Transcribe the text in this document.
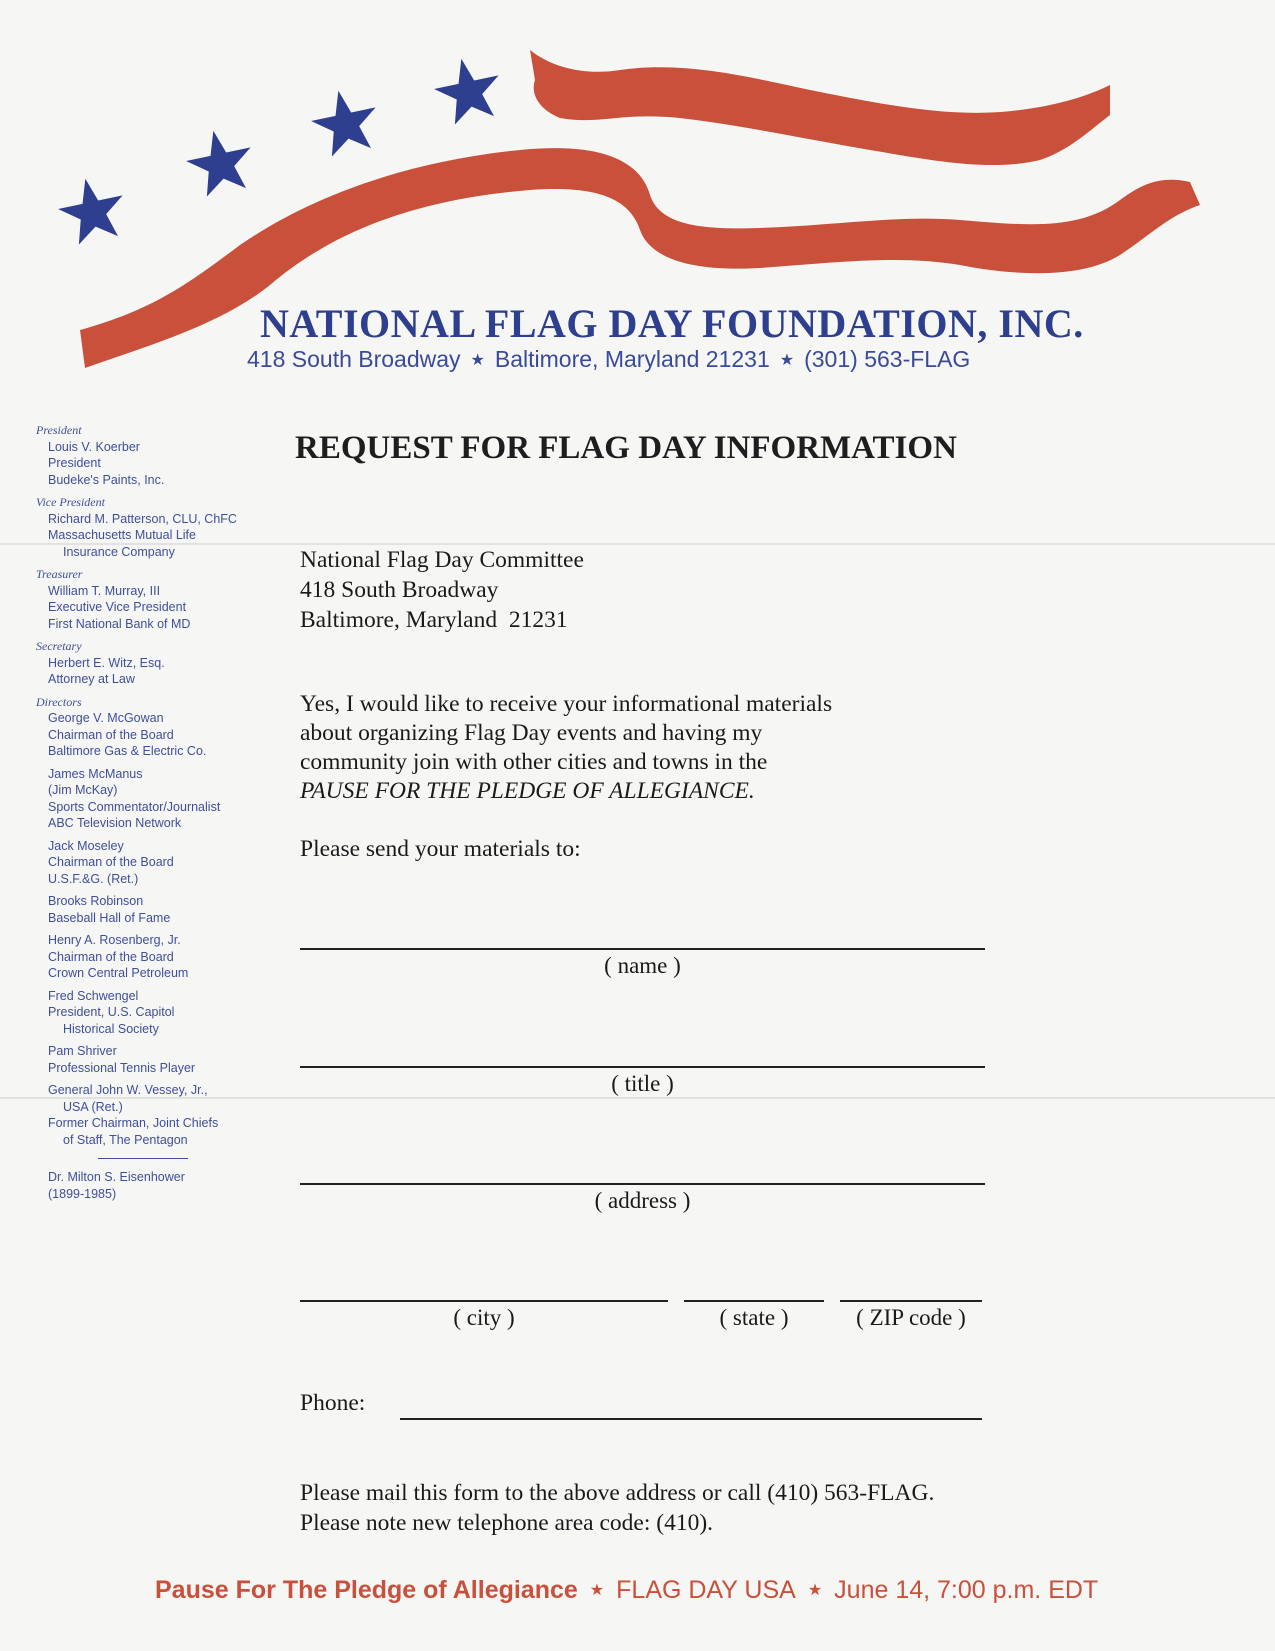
NATIONAL FLAG DAY FOUNDATION, INC.
418 South Broadway ★ Baltimore, Maryland 21231 ★ (301) 563-FLAG
President
Louis V. Koerber
President
Budeke's Paints, Inc.
Vice President
Richard M. Patterson, CLU, ChFC
Massachusetts Mutual Life
Insurance Company
Treasurer
William T. Murray, III
Executive Vice President
First National Bank of MD
Secretary
Herbert E. Witz, Esq.
Attorney at Law
Directors
George V. McGowan
Chairman of the Board
Baltimore Gas & Electric Co.
James McManus
(Jim McKay)
Sports Commentator/Journalist
ABC Television Network
Jack Moseley
Chairman of the Board
U.S.F.&G. (Ret.)
Brooks Robinson
Baseball Hall of Fame
Henry A. Rosenberg, Jr.
Chairman of the Board
Crown Central Petroleum
Fred Schwengel
President, U.S. Capitol
Historical Society
Pam Shriver
Professional Tennis Player
General John W. Vessey, Jr.,
USA (Ret.)
Former Chairman, Joint Chiefs
of Staff, The Pentagon
Dr. Milton S. Eisenhower
(1899-1985)
REQUEST FOR FLAG DAY INFORMATION
National Flag Day Committee
418 South Broadway
Baltimore, Maryland  21231
Yes, I would like to receive your informational materials
about organizing Flag Day events and having my
community join with other cities and towns in the
PAUSE FOR THE PLEDGE OF ALLEGIANCE.
Please send your materials to:
( name )
( title )
( address )
( city )	( state )	( ZIP code )
Phone:
Please mail this form to the above address or call (410) 563-FLAG.
Please note new telephone area code: (410).
Pause For The Pledge of Allegiance ★ FLAG DAY USA ★ June 14, 7:00 p.m. EDT
